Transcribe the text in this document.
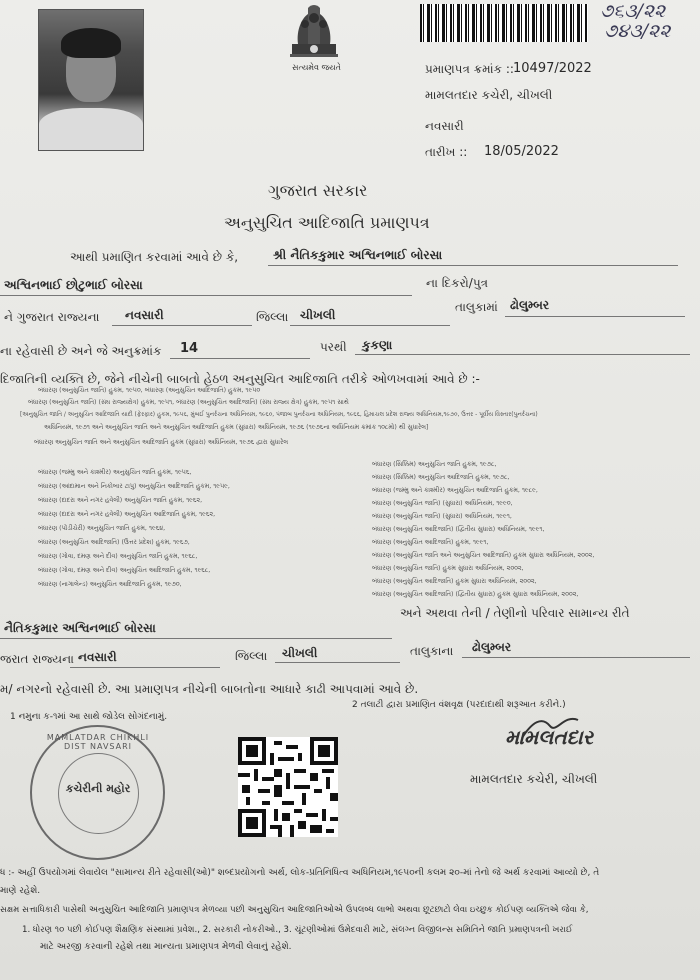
સત્યમેવ જયતે
૭૬૩/૨૨
૭૪૩/૨૨
પ્રમાણપત્ર ક્રમાંક :: 10497/2022
મામલતદાર કચેરી, ચીખલી
નવસારી
તારીખ :: 18/05/2022
ગુજરાત સરકાર
અનુસુચિત આદિજાતિ પ્રમાણપત્ર
આથી પ્રમાણિત કરવામાં આવે છે કે,	શ્રી નૈતિકકુમાર અશ્વિનભાઈ બોરસા
અશ્વિનભાઈ છોટુભાઈ બોરસા	ના દિકરો/પુત્ર
ને ગુજરાત રાજ્યના નવસારી	જિલ્લા ચીખલી
તાલુકામાં ઢોલુમ્બર
ના રહેવાસી છે અને જે અનુક્રમાંક 14	પરથી કુકણા
દિજાતિની વ્યક્તિ છે, જેને નીચેની બાબતો હેઠળ અનુસુચિત આદિજાતિ તરીકે ઓળખવામાં આવે છે :-
બંધારણ (અનુસુચિત જાતિ) હુકમ, ૧૯૫૦, બંધારણ (અનુસુચિત આદિજાતિ) હુકમ, ૧૯૫૦
બંધારણ (અનુસુચિત જાતિ) (સંઘ રાજ્યક્ષેત્ર) હુકમ, ૧૯૫૧, બંધારણ (અનુસુચિત આદિજાતિ) (સંઘ રાજ્ય ક્ષેત્ર) હુકમ, ૧૯૫૧ સાથે
[અનુસુચિત જાતિ / અનુસુચિત આદિજાતિ યાદી (ફેરફાર) હુકમ, ૧૯૫૬, મુંબઈ પુનર્રચના અધિનિયમ, ૧૯૬૦, પંજાબ પુનર્રચના અધિનિયમ, ૧૯૬૬, હિમાચલ પ્રદેશ રાજ્ય અધિનિયમ,૧૯૭૦, ઉત્તર - પૂર્વીય વિસ્તાર(પુનર્રચના)
અધિનિયમ, ૧૯૭૧ અને અનુસુચિત જાતિ અને અનુસુચિત આદિજાતિ હુકમ (સુધારા) અધિનિયમ, ૧૯૭૬ (૧૯૭૬ના અધિનિયમ ક્રમાંક ૧૦૮મો) થી સુધારેલ]
બંધારણ અનુસુચિત જાતિ અને અનુસુચિત આદિજાતિ હુકમ (સુધારા) અધિનિયમ, ૧૯૭૬ દ્વારા સુધારેલ
બંધારણ (જમ્મુ અને કાશ્મીર) અનુસુચિત જાતિ હુકમ, ૧૯૫૬,
બંધારણ (આંદામાન અને નિકોબાર ટાપુ) અનુસુચિત આદિજાતિ હુકમ, ૧૯૫૯,
બંધારણ (દાદરા અને નગર હવેલી) અનુસુચિત જાતિ હુકમ, ૧૯૬૨,
બંધારણ (દાદરા અને નગર હવેલી) અનુસુચિત આદિજાતિ હુકમ, ૧૯૬૨,
બંધારણ (પોંડીચેરી) અનુસુચિત જાતિ હુકમ, ૧૯૬૪,
બંધારણ (અનુસુચિત આદિજાતિ) (ઉત્તર પ્રદેશ) હુકમ, ૧૯૬૭,
બંધારણ (ગોવા, દમણ અને દીવ) અનુસુચિત જાતિ હુકમ, ૧૯૬૮,
બંધારણ (ગોવા, દમણ અને દીવ) અનુસુચિત આદિજાતિ હુકમ, ૧૯૬૮,
બંધારણ (નાગાલેન્ડ) અનુસુચિત આદિજાતિ હુકમ, ૧૯૭૦,
બંધારણ (સિક્કિમ) અનુસુચિત જાતિ હુકમ, ૧૯૭૮,
બંધારણ (સિક્કિમ) અનુસુચિત આદિજાતિ હુકમ, ૧૯૭૮,
બંધારણ (જમ્મુ અને કાશ્મીર) અનુસુચિત આદિજાતિ હુકમ, ૧૯૮૯,
બંધારણ (અનુસુચિત જાતિ) (સુધારા) અધિનિયમ, ૧૯૯૦,
બંધારણ (અનુસુચિત જાતિ) (સુધારા) અધિનિયમ, ૧૯૯૧,
બંધારણ (અનુસુચિત આદિજાતિ) (દ્વિતીય સુધારા) અધિનિયમ, ૧૯૯૧,
બંધારણ (અનુસુચિત આદિજાતિ) હુકમ, ૧૯૯૧,
બંધારણ (અનુસુચિત જાતિ અને અનુસુચિત આદિજાતિ) હુકમ સુધારા અધિનિયમ, ૨૦૦૨,
બંધારણ (અનુસુચિત જાતિ) હુકમ સુધારા અધિનિયમ, ૨૦૦૨,
બંધારણ (અનુસુચિત આદિજાતિ) હુકમ સુધારા અધિનિયમ, ૨૦૦૨,
બંધારણ (અનુસુચિત આદિજાતિ) (દ્વિતીય સુધારા) હુકમ સુધારા અધિનિયમ, ૨૦૦૨,
નૈતિકકુમાર અશ્વિનભાઈ બોરસા
અને અથવા તેની / તેણીનો પરિવાર સામાન્ય રીતે
જરાત રાજ્યના નવસારી	જિલ્લા ચીખલી	તાલુકાના ઢોલુમ્બર
મ/ નગરનો રહેવાસી છે. આ પ્રમાણપત્ર નીચેની બાબતોના આધારે કાઢી આપવામાં આવે છે.
1 નમુના ક-૧માં આ સાથે જોડેલ સોગંદનામું.
2 તલાટી દ્વારા પ્રમાણિત વંશવૃક્ષ (પરદાદાથી શરૂઆત કરીને.)
MAMLATDAR CHIKHLI DIST NAVSARI
કચેરીની મહોર
મામલતદાર
મામલતદાર કચેરી, ચીખલી
ધ :- અહીં ઉપયોગમાં લેવાયેલ "સામાન્ય રીતે રહેવાસી(ઓ)" શબ્દપ્રયોગનો અર્થ, લોક-પ્રતિનિધિત્વ અધિનિયમ,૧૯૫૦ની કલમ ૨૦-માં તેનો જે અર્થ કરવામાં આવ્યો છે, તે
માણે રહેશે.
સક્ષમ સત્તાધિકારી પાસેથી અનુસુચિત આદિજાતિ પ્રમાણપત્ર મેળવ્યા પછી અનુસુચિત આદિજાતિઓએ ઉપલબ્ધ લાભો અથવા છૂટછાટો લેવા ઇચ્છુક કોઈપણ વ્યક્તિએ જેવા કે,
1. ધોરણ ૧૦ પછી કોઈપણ શૈક્ષણિક સંસ્થામાં પ્રવેશ., 2. સરકારી નોકરીઓ., 3. ચૂંટણીઓમાં ઉમેદવારી માટે, સંલગ્ન વિજીલન્સ સમિતિને જાતિ પ્રમાણપત્રની ખરાઈ
માટે અરજી કરવાની રહેશે તથા માન્યતા પ્રમાણપત્ર મેળવી લેવાનું રહેશે.
